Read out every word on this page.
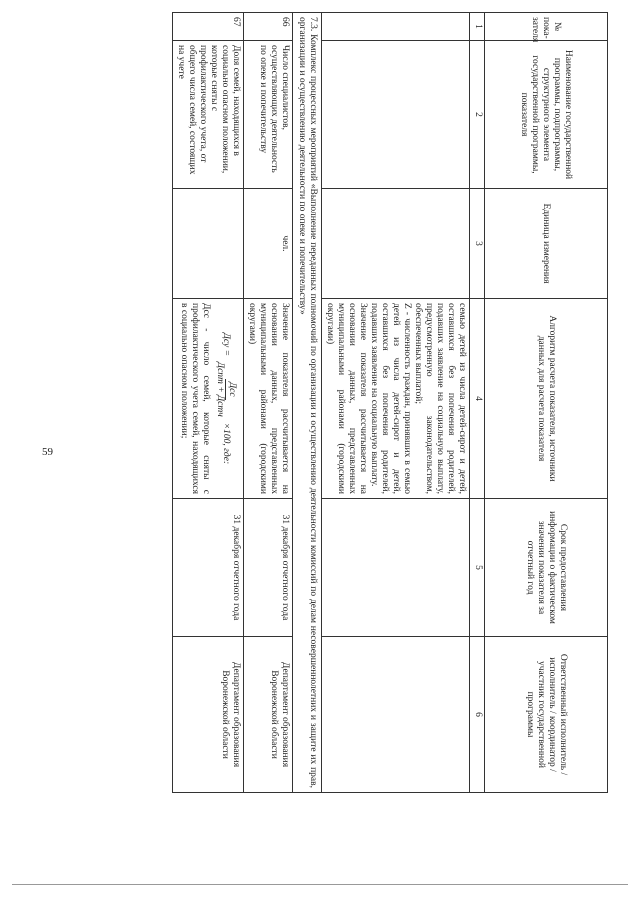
59
№ пока-зателя	Наименование государственной программы, подпрограммы, структурного элемента государственной программы, показателя	Единица измерения	Алгоритм расчета показателя, источники данных для расчета показателя	Срок предоставления информации о фактическом значении показателя за отчетный год	Ответственный исполнитель / исполнитель / координатор / участник государственной программы
1	2	3	4	5	6
			семью детей из числа детей-сирот и детей, оставшихся без попечения родителей, подавших заявление на социальную выплату, предусмотренную законодательством, обеспеченных выплатой;
Z - численность граждан, принявших в семью детей из числа детей-сирот и детей, оставшихся без попечения родителей, подавших заявление на социальную выплату.
Значение показателя рассчитывается на основании данных, представленных муниципальными районами (городскими округами)		
7.3. Комплекс процессных мероприятий «Выполнение переданных полномочий по организации и осуществлению деятельности комиссий по делам несовершеннолетних и защите их прав, организации и осуществлению деятельности по опеке и попечительству»					
66	Число специалистов, осуществляющих деятельность по опеке и попечительству	чел.	Значение показателя рассчитывается на основании данных, представленных муниципальными районами (городскими округами)	31 декабря отчетного года	Департамент образования Воронежской области
67	Доля семей, находящихся в социально опасном положении, которые сняты с профилактического учета, от общего числа семей, состоящих на учете		Дсу =
Дсс
Дсnт + Дстч
×100, где:
Дсс - число семей, которые сняты с профилактического учета семей, находящихся в социально опасном положении;	31 декабря отчетного года	Департамент образования Воронежской области
